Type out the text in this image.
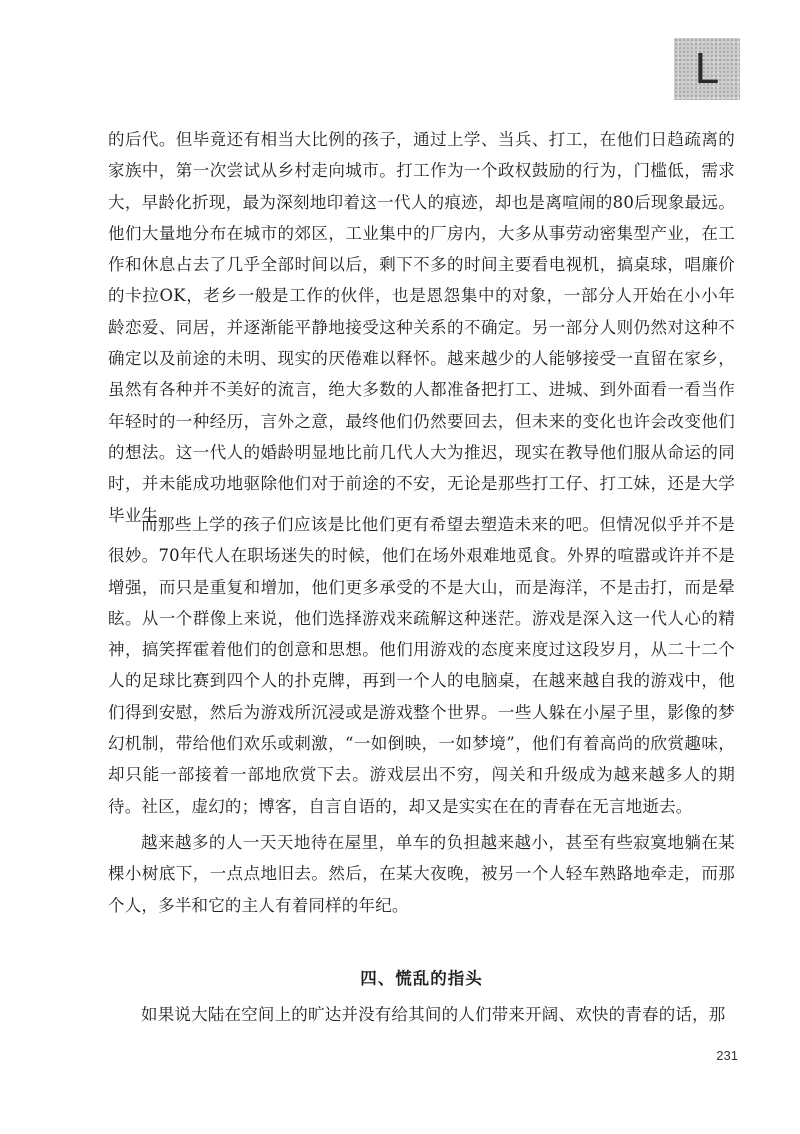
L

的后代。但毕竟还有相当大比例的孩子，通过上学、当兵、打工，在他们日趋疏离的家族中，第一次尝试从乡村走向城市。打工作为一个政权鼓励的行为，门槛低，需求大，早龄化折现，最为深刻地印着这一代人的痕迹，却也是离喧闹的80后现象最远。他们大量地分布在城市的郊区，工业集中的厂房内，大多从事劳动密集型产业，在工作和休息占去了几乎全部时间以后，剩下不多的时间主要看电视机，搞桌球，唱廉价的卡拉OK，老乡一般是工作的伙伴，也是恩怨集中的对象，一部分人开始在小小年龄恋爱、同居，并逐渐能平静地接受这种关系的不确定。另一部分人则仍然对这种不确定以及前途的未明、现实的厌倦难以释怀。越来越少的人能够接受一直留在家乡，虽然有各种并不美好的流言，绝大多数的人都准备把打工、进城、到外面看一看当作年轻时的一种经历，言外之意，最终他们仍然要回去，但未来的变化也许会改变他们的想法。这一代人的婚龄明显地比前几代人大为推迟，现实在教导他们服从命运的同时，并未能成功地驱除他们对于前途的不安，无论是那些打工仔、打工妹，还是大学毕业生。

而那些上学的孩子们应该是比他们更有希望去塑造未来的吧。但情况似乎并不是很妙。70年代人在职场迷失的时候，他们在场外艰难地觅食。外界的喧嚣或许并不是增强，而只是重复和增加，他们更多承受的不是大山，而是海洋，不是击打，而是晕眩。从一个群像上来说，他们选择游戏来疏解这种迷茫。游戏是深入这一代人心的精神，搞笑挥霍着他们的创意和思想。他们用游戏的态度来度过这段岁月，从二十二个人的足球比赛到四个人的扑克牌，再到一个人的电脑桌，在越来越自我的游戏中，他们得到安慰，然后为游戏所沉浸或是游戏整个世界。一些人躲在小屋子里，影像的梦幻机制，带给他们欢乐或刺激，“一如倒映，一如梦境”，他们有着高尚的欣赏趣味，却只能一部接着一部地欣赏下去。游戏层出不穷，闯关和升级成为越来越多人的期待。社区，虚幻的；博客，自言自语的，却又是实实在在的青春在无言地逝去。

越来越多的人一天天地待在屋里，单车的负担越来越小，甚至有些寂寞地躺在某棵小树底下，一点点地旧去。然后，在某大夜晚，被另一个人轻车熟路地牵走，而那个人，多半和它的主人有着同样的年纪。

四、慌乱的指头

如果说大陆在空间上的旷达并没有给其间的人们带来开阔、欢快的青春的话，那

231
